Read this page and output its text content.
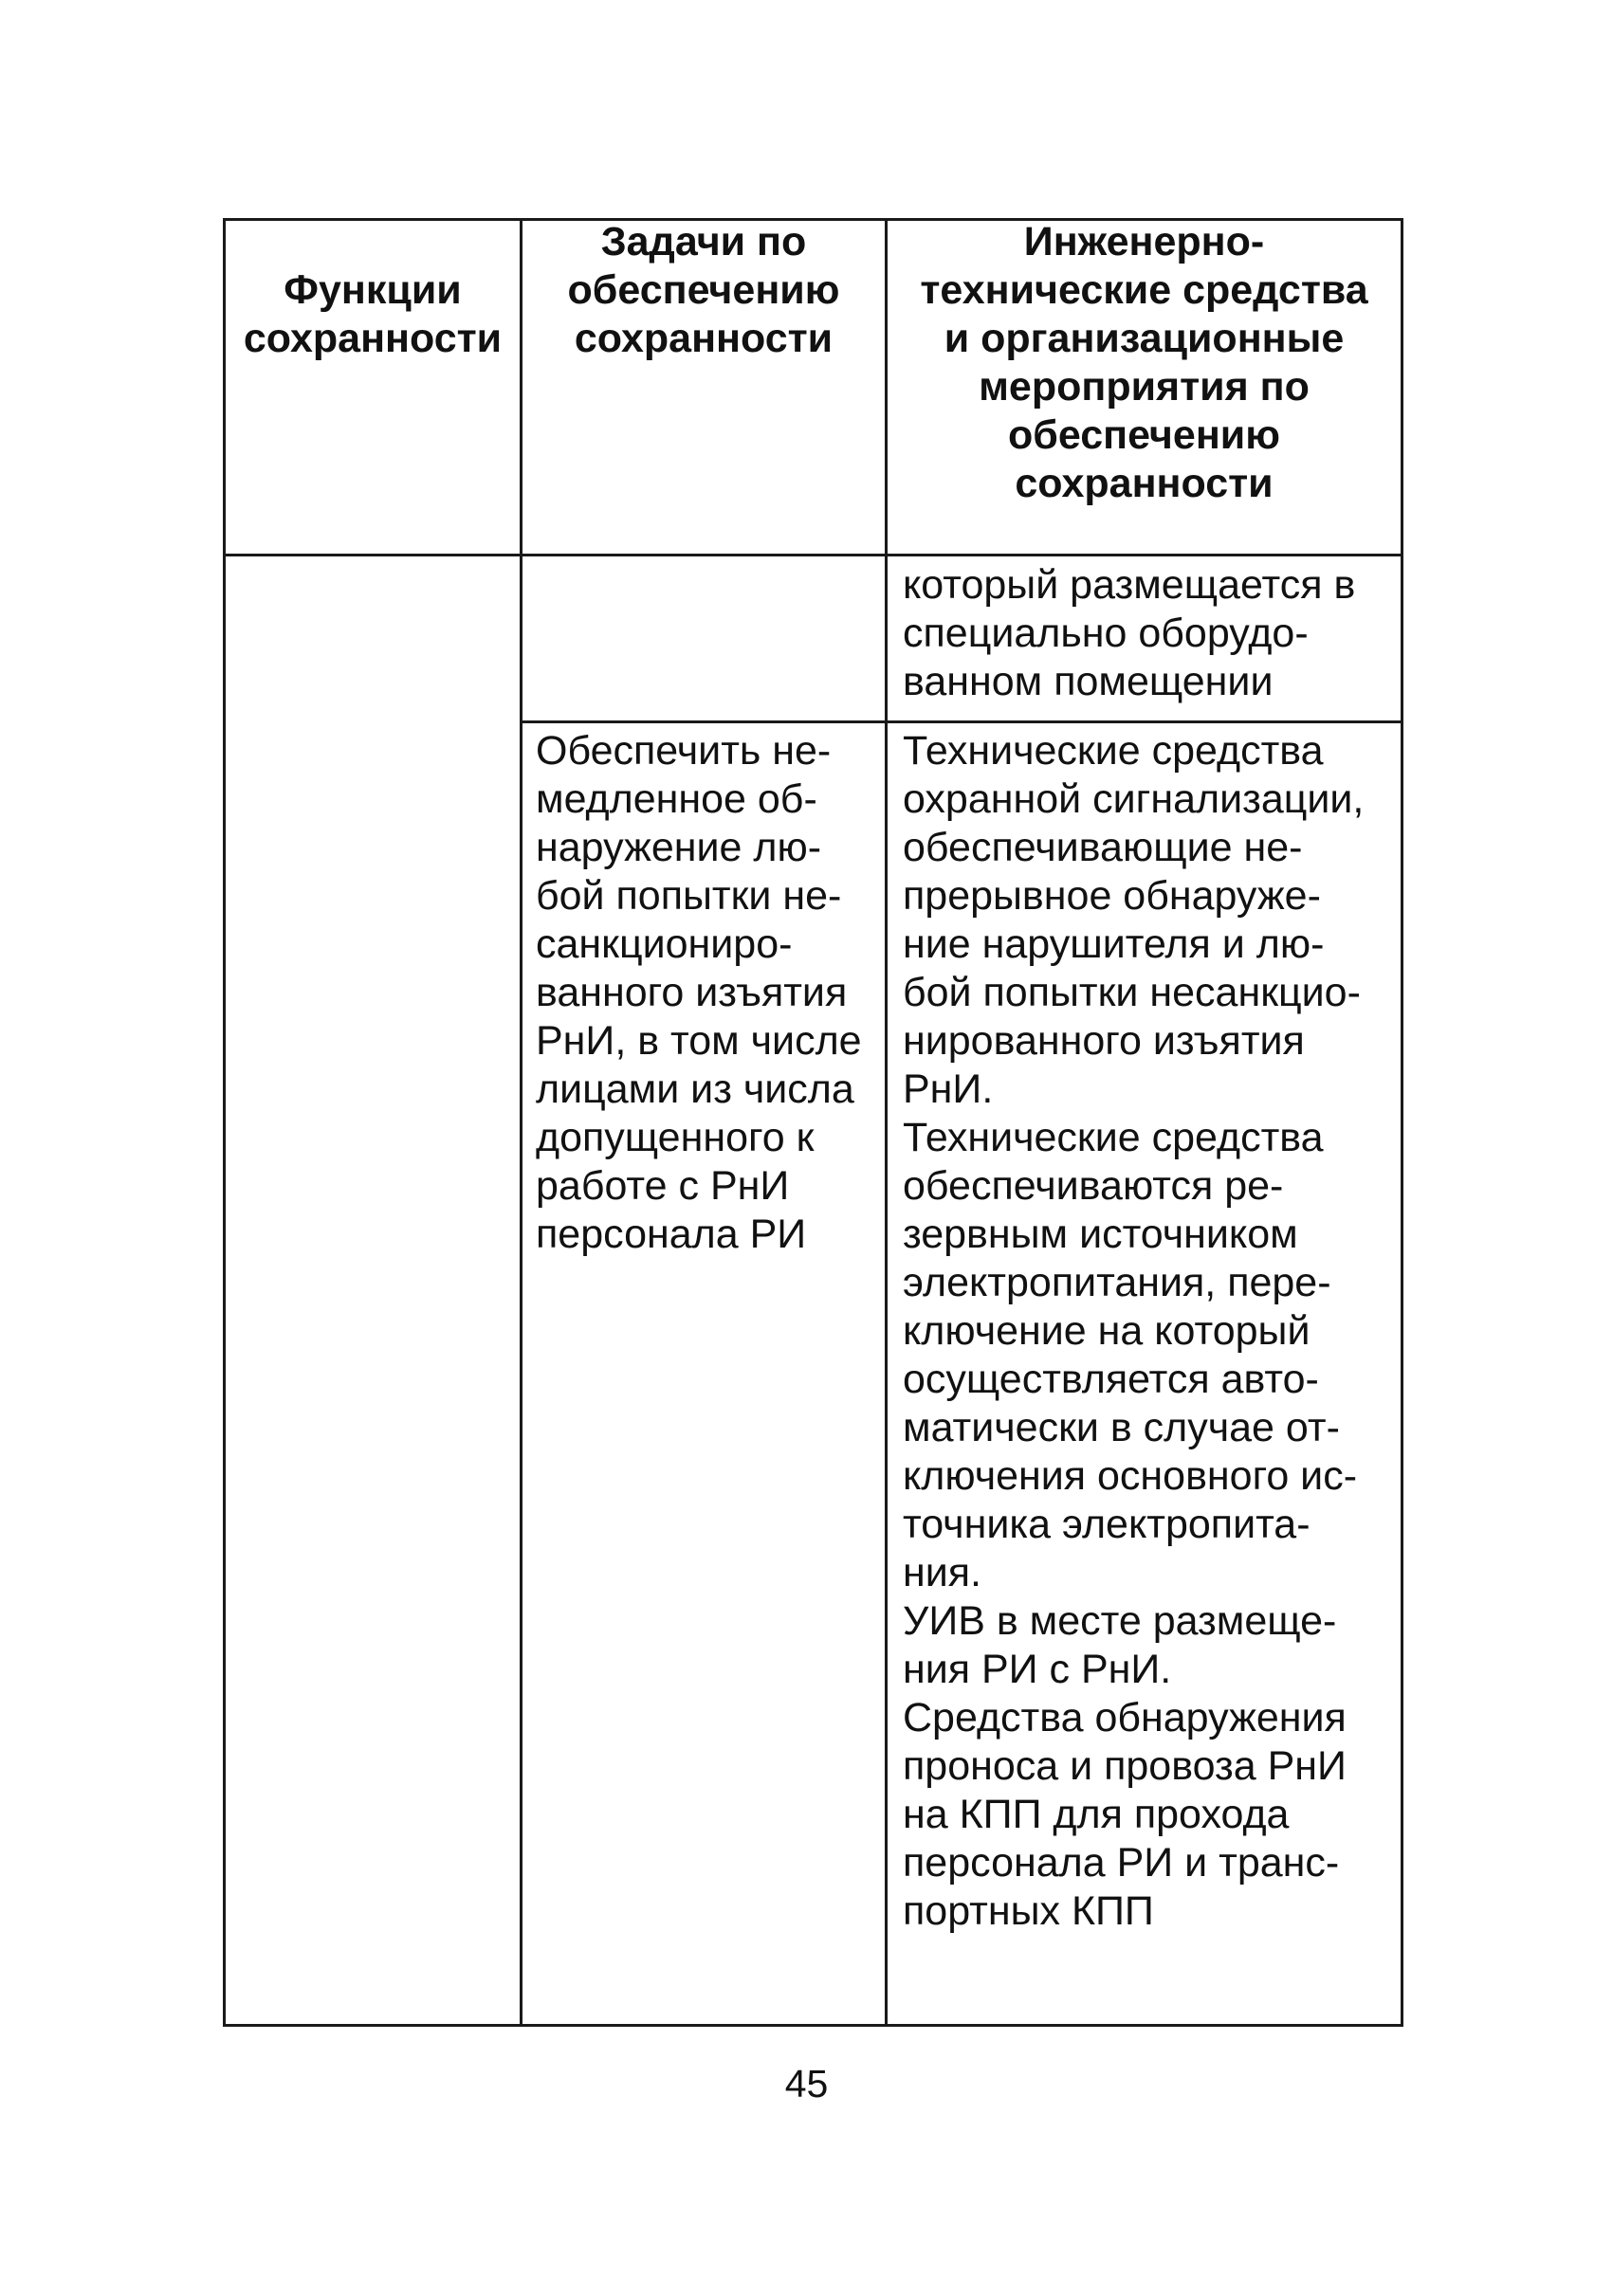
Функции
сохранности
Задачи по
обеспечению
сохранности
Инженерно-
технические средства
и организационные
мероприятия по
обеспечению
сохранности
который размещается в
специально оборудо-
ванном помещении
Обеспечить не-
медленное об-
наружение лю-
бой попытки не-
санкциониро-
ванного изъятия
РнИ, в том числе
лицами из числа
допущенного к
работе с РнИ
персонала РИ
Технические средства
охранной сигнализации,
обеспечивающие не-
прерывное обнаруже-
ние нарушителя и лю-
бой попытки несанкцио-
нированного изъятия
РнИ.
Технические средства
обеспечиваются ре-
зервным источником
электропитания, пере-
ключение на который
осуществляется авто-
матически в случае от-
ключения основного ис-
точника электропита-
ния.
УИВ в месте размеще-
ния РИ с РнИ.
Средства обнаружения
проноса и провоза РнИ
на КПП для прохода
персонала РИ и транс-
портных КПП
45
